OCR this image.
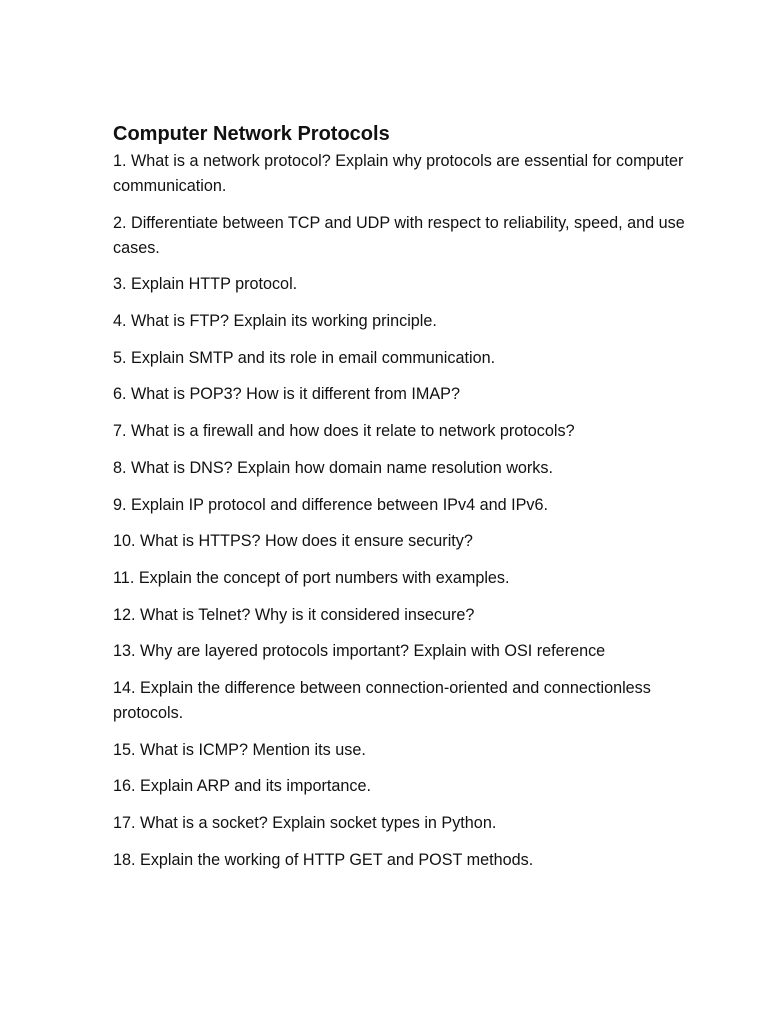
Computer Network Protocols
1 . What is a network protocol? Explain why protocols are essential for computer communication.
2 . Differentiate between TCP and UDP with respect to reliability, speed, and use cases.
3 . Explain HTTP protocol.
4 . What is FTP? Explain its working principle.
5 . Explain SMTP and its role in email communication.
6 . What is POP3? How is it different from IMAP?
7 . What is a firewall and how does it relate to network protocols?
8 . What is DNS? Explain how domain name resolution works.
9 . Explain IP protocol and difference between IPv4 and IPv6.
10 . What is HTTPS? How does it ensure security?
11 . Explain the concept of port numbers with examples.
12 . What is Telnet? Why is it considered insecure?
13 . Why are layered protocols important? Explain with OSI reference
14 . Explain the difference between connection-oriented and connectionless protocols.
15 . What is ICMP? Mention its use.
16 . Explain ARP and its importance.
17 . What is a socket? Explain socket types in Python.
18 . Explain the working of HTTP GET and POST methods.
